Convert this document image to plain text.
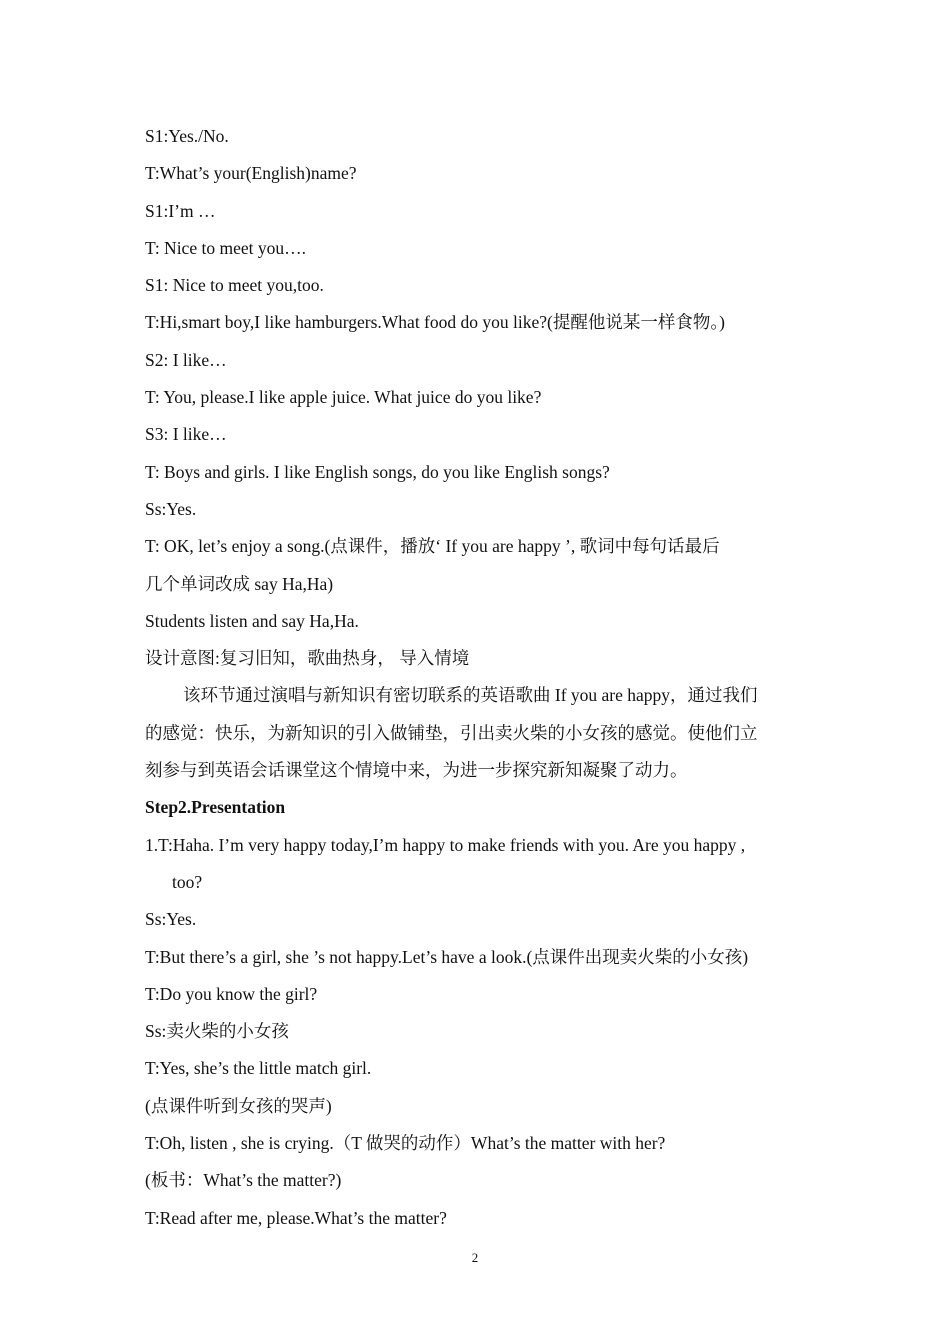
S1:Yes./No.
T:What’s your(English)name?
S1:I’m …
T: Nice to meet you….
S1: Nice to meet you,too.
T:Hi,smart boy,I like hamburgers.What food do you like?(提醒他说某一样食物。)
S2: I like…
T: You, please.I like apple juice. What juice do you like?
S3: I like…
T: Boys and girls. I like English songs, do you like English songs?
Ss:Yes.
T: OK, let’s enjoy a song.(点课件，播放‘ If you are happy ’, 歌词中每句话最后
几个单词改成 say Ha,Ha)
Students listen and say Ha,Ha.
设计意图:复习旧知，歌曲热身， 导入情境
该环节通过演唱与新知识有密切联系的英语歌曲 If you are happy，通过我们
的感觉：快乐，为新知识的引入做铺垫，引出卖火柴的小女孩的感觉。使他们立
刻参与到英语会话课堂这个情境中来，为进一步探究新知凝聚了动力。
Step2.Presentation
1.T:Haha. I’m very happy today,I’m happy to make friends with you. Are you happy ,
too?
Ss:Yes.
T:But there’s a girl, she ’s not happy.Let’s have a look.(点课件出现卖火柴的小女孩)
T:Do you know the girl?
Ss:卖火柴的小女孩
T:Yes, she’s the little match girl.
(点课件听到女孩的哭声)
T:Oh, listen , she is crying.（T 做哭的动作）What’s the matter with her?
(板书：What’s the matter?)
T:Read after me, please.What’s the matter?
2
